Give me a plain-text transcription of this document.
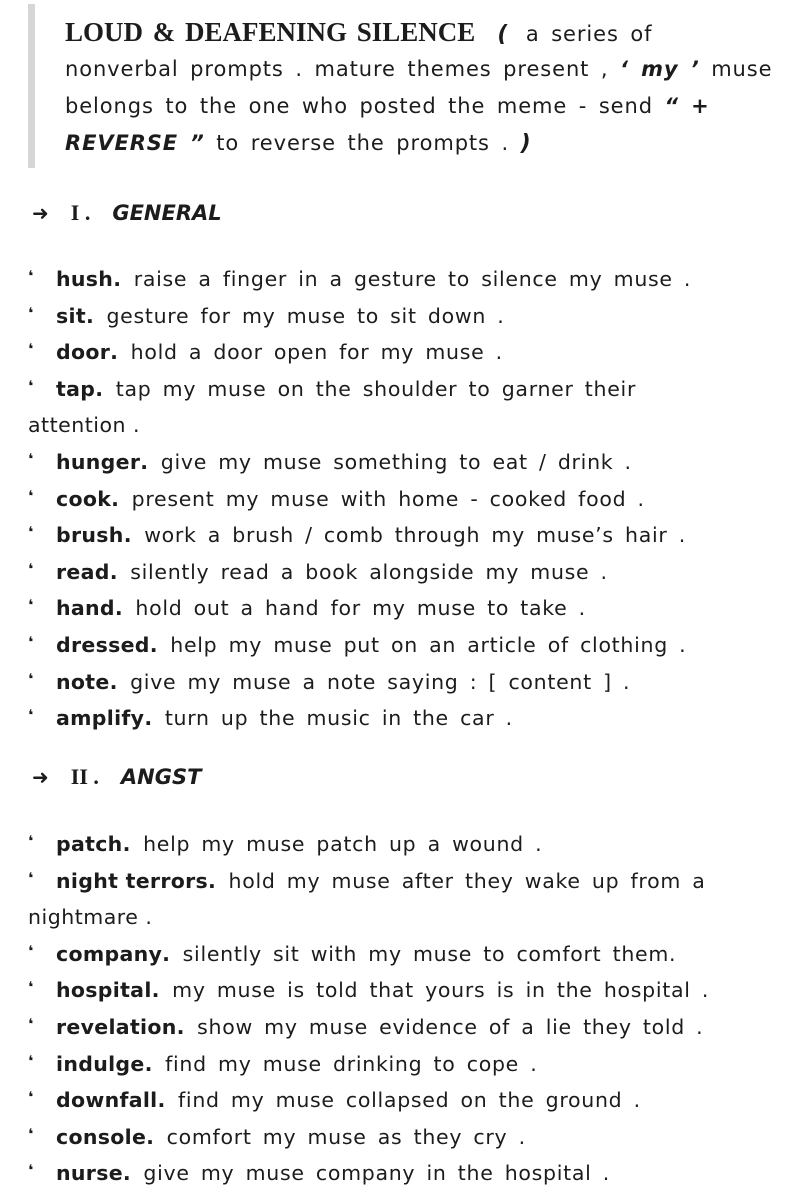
LOUD & DEAFENING SILENCE ( a series of
nonverbal prompts . mature themes present , ‘ my ’ muse
belongs to the one who posted the meme - send “ +
REVERSE ” to reverse the prompts . )
➜ I . GENERAL
❛ hush. raise a finger in a gesture to silence my muse .
❛ sit. gesture for my muse to sit down .
❛ door. hold a door open for my muse .
❛ tap. tap my muse on the shoulder to garner their
attention .
❛ hunger. give my muse something to eat / drink .
❛ cook. present my muse with home - cooked food .
❛ brush. work a brush / comb through my muse’s hair .
❛ read. silently read a book alongside my muse .
❛ hand. hold out a hand for my muse to take .
❛ dressed. help my muse put on an article of clothing .
❛ note. give my muse a note saying : [ content ] .
❛ amplify. turn up the music in the car .
➜ II . ANGST
❛ patch. help my muse patch up a wound .
❛ night terrors. hold my muse after they wake up from a
nightmare .
❛ company. silently sit with my muse to comfort them.
❛ hospital. my muse is told that yours is in the hospital .
❛ revelation. show my muse evidence of a lie they told .
❛ indulge. find my muse drinking to cope .
❛ downfall. find my muse collapsed on the ground .
❛ console. comfort my muse as they cry .
❛ nurse. give my muse company in the hospital .
